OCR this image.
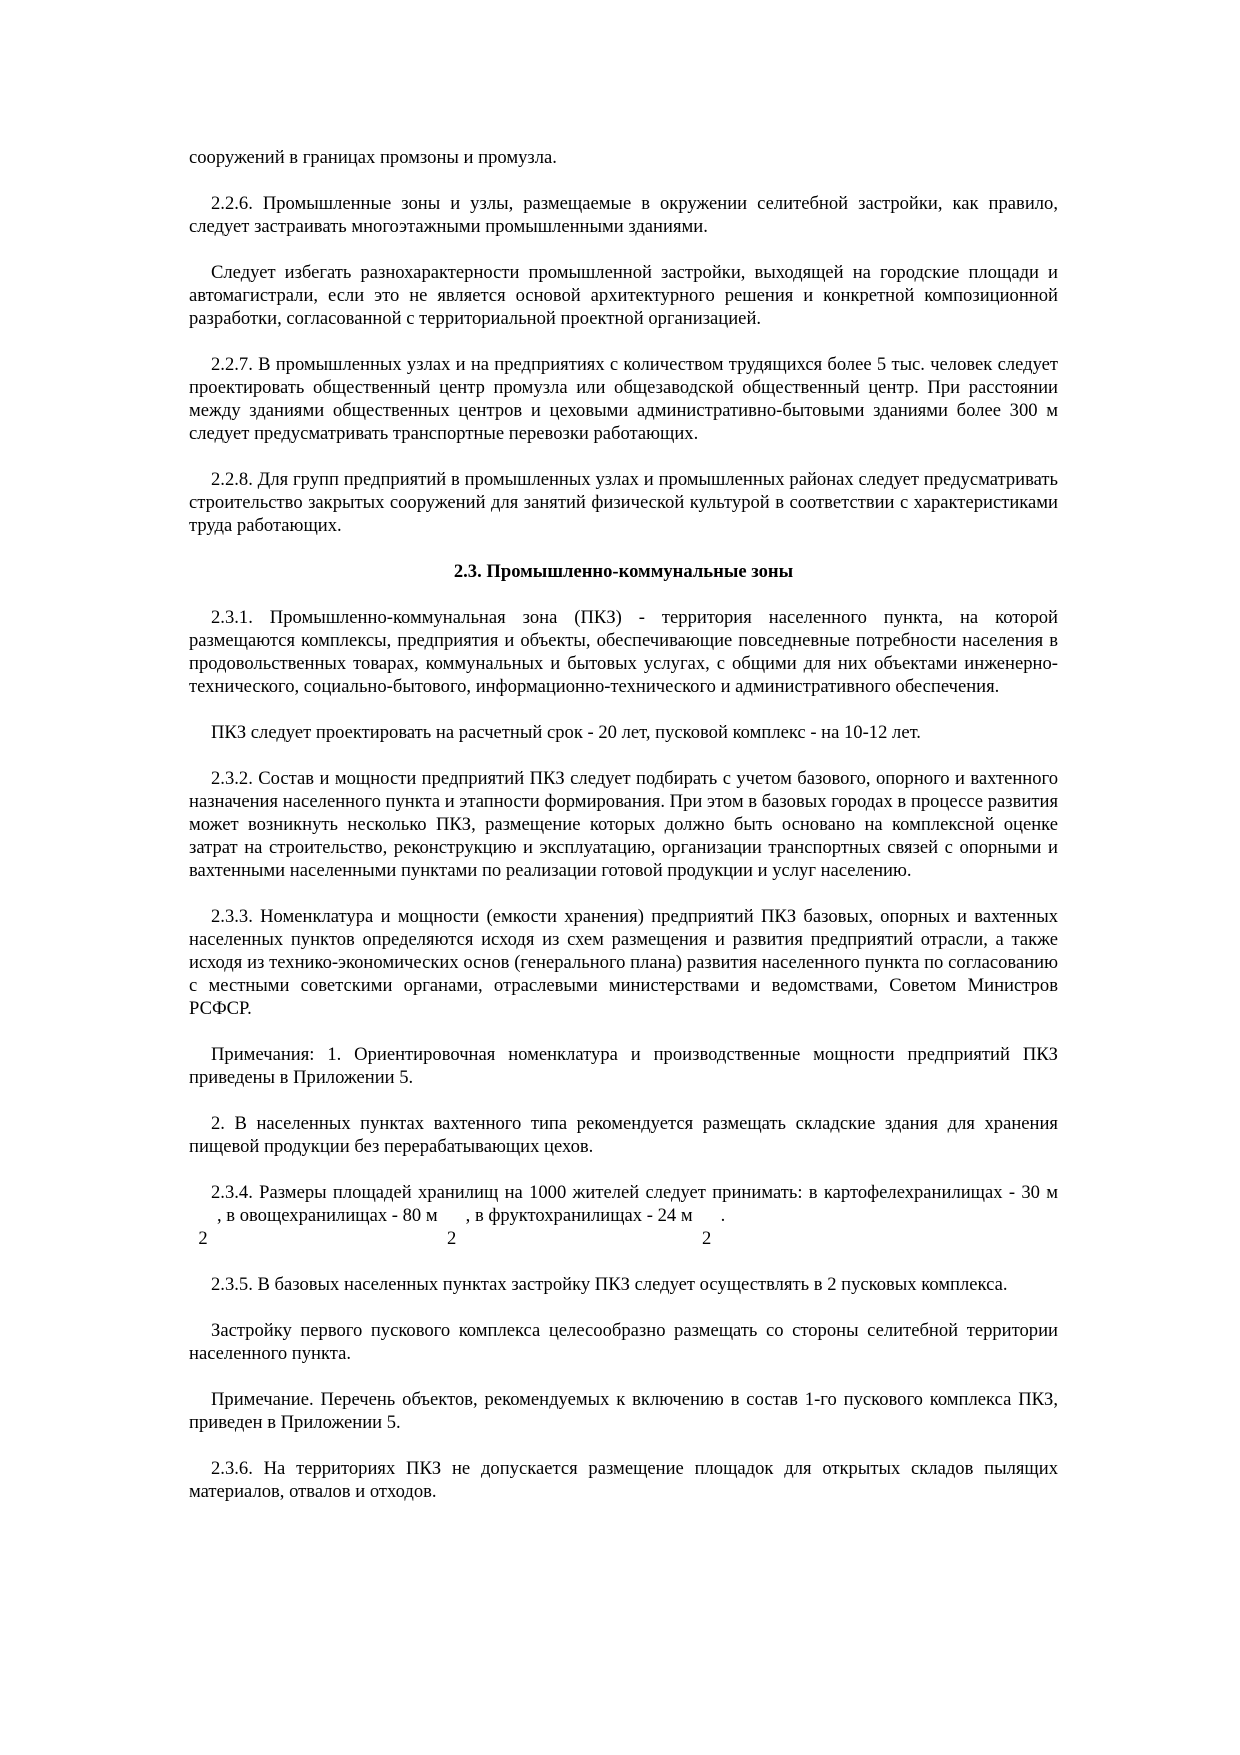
сооружений в границах промзоны и промузла.

2.2.6. Промышленные зоны и узлы, размещаемые в окружении селитебной застройки, как правило, следует застраивать многоэтажными промышленными зданиями.

Следует избегать разнохарактерности промышленной застройки, выходящей на городские площади и автомагистрали, если это не является основой архитектурного решения и конкретной композиционной разработки, согласованной с территориальной проектной организацией.

2.2.7. В промышленных узлах и на предприятиях с количеством трудящихся более 5 тыс. человек следует проектировать общественный центр промузла или общезаводской общественный центр. При расстоянии между зданиями общественных центров и цеховыми административно-бытовыми зданиями более 300 м следует предусматривать транспортные перевозки работающих.

2.2.8. Для групп предприятий в промышленных узлах и промышленных районах следует предусматривать строительство закрытых сооружений для занятий физической культурой в соответствии с характеристиками труда работающих.

2.3. Промышленно-коммунальные зоны

2.3.1. Промышленно-коммунальная зона (ПКЗ) - территория населенного пункта, на которой размещаются комплексы, предприятия и объекты, обеспечивающие повседневные потребности населения в продовольственных товарах, коммунальных и бытовых услугах, с общими для них объектами инженерно-технического, социально-бытового, информационно-технического и административного обеспечения.

ПКЗ следует проектировать на расчетный срок - 20 лет, пусковой комплекс - на 10-12 лет.

2.3.2. Состав и мощности предприятий ПКЗ следует подбирать с учетом базового, опорного и вахтенного назначения населенного пункта и этапности формирования. При этом в базовых городах в процессе развития может возникнуть несколько ПКЗ, размещение которых должно быть основано на комплексной оценке затрат на строительство, реконструкцию и эксплуатацию, организации транспортных связей с опорными и вахтенными населенными пунктами по реализации готовой продукции и услуг населению.

2.3.3. Номенклатура и мощности (емкости хранения) предприятий ПКЗ базовых, опорных и вахтенных населенных пунктов определяются исходя из схем размещения и развития предприятий отрасли, а также исходя из технико-экономических основ (генерального плана) развития населенного пункта по согласованию с местными советскими органами, отраслевыми министерствами и ведомствами, Советом Министров РСФСР.

Примечания: 1. Ориентировочная номенклатура и производственные мощности предприятий ПКЗ приведены в Приложении 5.

2. В населенных пунктах вахтенного типа рекомендуется размещать складские здания для хранения пищевой продукции без перерабатывающих цехов.

2.3.4. Размеры площадей хранилищ на 1000 жителей следует принимать: в картофелехранилищах - 30 м2, в овощехранилищах - 80 м2, в фруктохранилищах - 24 м2.

2.3.5. В базовых населенных пунктах застройку ПКЗ следует осуществлять в 2 пусковых комплекса.

Застройку первого пускового комплекса целесообразно размещать со стороны селитебной территории населенного пункта.

Примечание. Перечень объектов, рекомендуемых к включению в состав 1-го пускового комплекса ПКЗ, приведен в Приложении 5.

2.3.6. На территориях ПКЗ не допускается размещение площадок для открытых складов пылящих материалов, отвалов и отходов.
